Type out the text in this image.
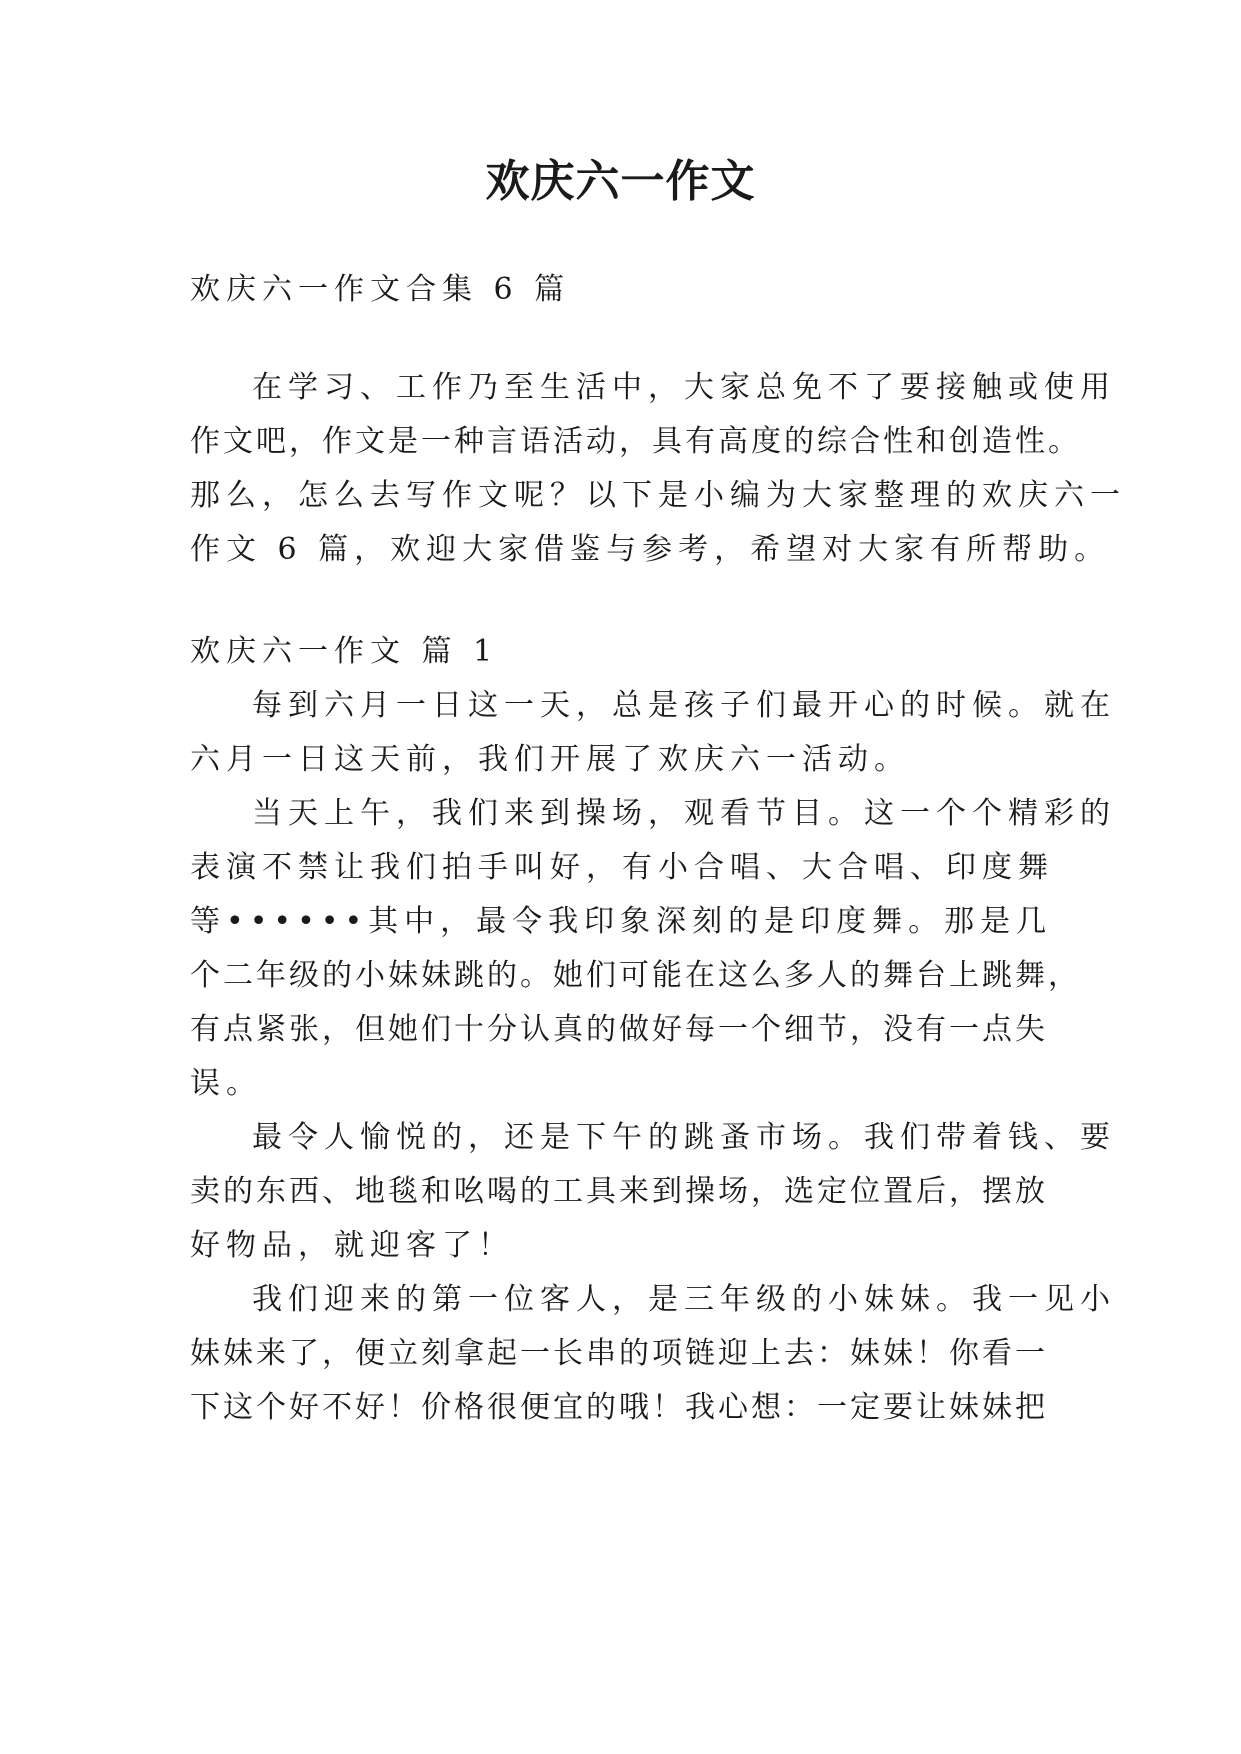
欢庆六一作文
欢庆六一作文合集 6 篇
在学习、工作乃至生活中，大家总免不了要接触或使用
作文吧，作文是一种言语活动，具有高度的综合性和创造性。
那么，怎么去写作文呢？以下是小编为大家整理的欢庆六一
作文 6 篇，欢迎大家借鉴与参考，希望对大家有所帮助。
欢庆六一作文 篇 1
每到六月一日这一天，总是孩子们最开心的时候。就在
六月一日这天前，我们开展了欢庆六一活动。
当天上午，我们来到操场，观看节目。这一个个精彩的
表演不禁让我们拍手叫好，有小合唱、大合唱、印度舞
等••••••其中，最令我印象深刻的是印度舞。那是几
个二年级的小妹妹跳的。她们可能在这么多人的舞台上跳舞，
有点紧张，但她们十分认真的做好每一个细节，没有一点失
误。
最令人愉悦的，还是下午的跳蚤市场。我们带着钱、要
卖的东西、地毯和吆喝的工具来到操场，选定位置后，摆放
好物品，就迎客了！
我们迎来的第一位客人，是三年级的小妹妹。我一见小
妹妹来了，便立刻拿起一长串的项链迎上去：妹妹！你看一
下这个好不好！价格很便宜的哦！我心想：一定要让妹妹把
